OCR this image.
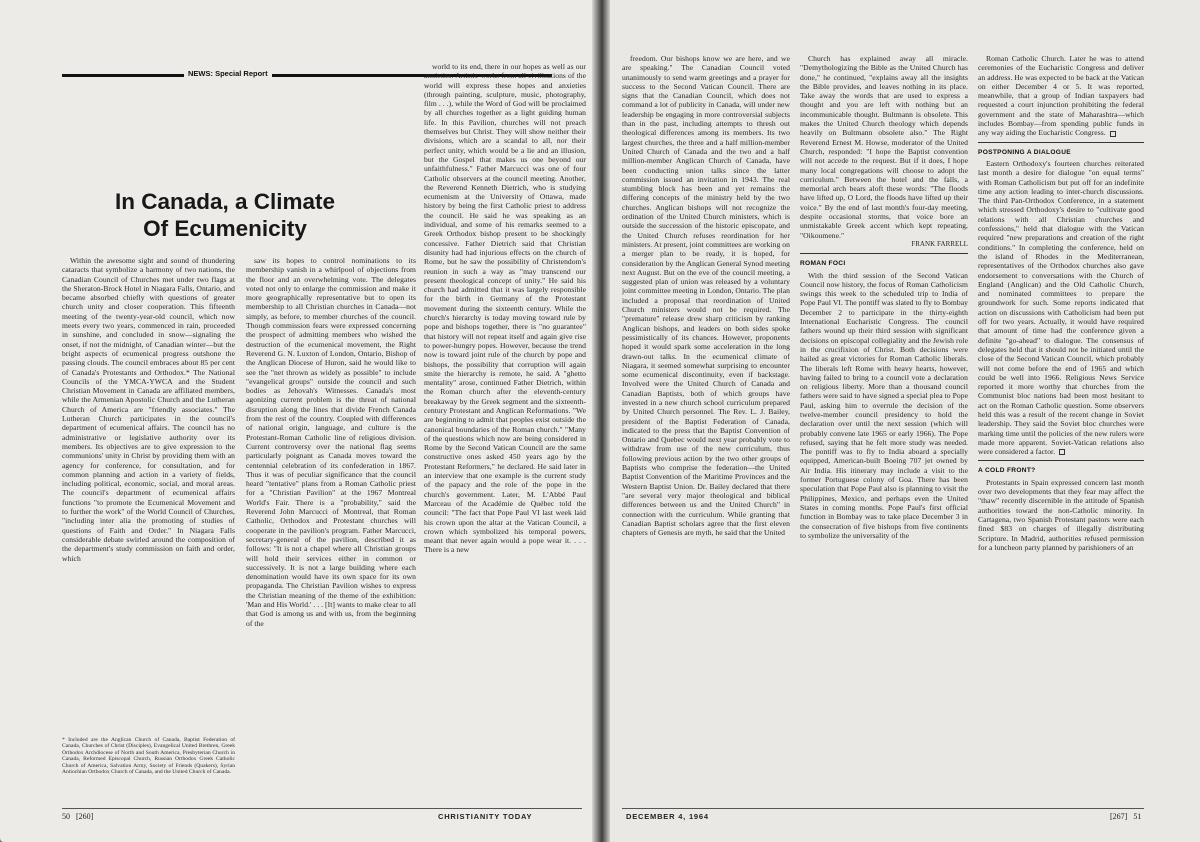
NEWS: Special Report
In Canada, a Climate
Of Ecumenicity

Within the awesome sight and sound of thundering cataracts that symbolize a harmony of two nations, the Canadian Council of Churches met under two flags at the Sheraton-Brock Hotel in Niagara Falls, Ontario, and became absorbed chiefly with questions of greater church unity and closer cooperation. This fifteenth meeting of the twenty-year-old council, which now meets every two years, commenced in rain, proceeded in sunshine, and concluded in snow—signaling the onset, if not the midnight, of Canadian winter—but the bright aspects of ecumenical progress outshone the passing clouds. The council embraces about 85 per cent of Canada's Protestants and Orthodox.* The National Councils of the YMCA-YWCA and the Student Christian Movement in Canada are affiliated members, while the Armenian Apostolic Church and the Lutheran Church of America are "friendly associates." The Lutheran Church participates in the council's department of ecumenical affairs. The council has no administrative or legislative authority over its members. Its objectives are to give expression to the communions' unity in Christ by providing them with an agency for conference, for consultation, and for common planning and action in a variety of fields, including political, economic, social, and moral areas. The council's department of ecumenical affairs functions "to promote the Ecumenical Movement and to further the work" of the World Council of Churches, "including inter alia the promoting of studies of questions of Faith and Order." In Niagara Falls considerable debate swirled around the composition of the department's study commission on faith and order, which

* Included are the Anglican Church of Canada, Baptist Federation of Canada, Churches of Christ (Disciples), Evangelical United Brethren, Greek Orthodox Archdiocese of North and South America, Presbyterian Church in Canada, Reformed Episcopal Church, Russian Orthodox Greek Catholic Church of America, Salvation Army, Society of Friends (Quakers), Syrian Antiochian Orthodox Church of Canada, and the United Church of Canada.

saw its hopes to control nominations to its membership vanish in a whirlpool of objections from the floor and an overwhelming vote. The delegates voted not only to enlarge the commission and make it more geographically representative but to open its membership to all Christian churches in Canada—not simply, as before, to member churches of the council. Though commission fears were expressed concerning the prospect of admitting members who wished the destruction of the ecumenical movement, the Right Reverend G. N. Luxton of London, Ontario, Bishop of the Anglican Diocese of Huron, said he would like to see the "net thrown as widely as possible" to include "evangelical groups" outside the council and such bodies as Jehovah's Witnesses. Canada's most agonizing current problem is the threat of national disruption along the lines that divide French Canada from the rest of the country. Coupled with differences of national origin, language, and culture is the Protestant-Roman Catholic line of religious division. Current controversy over the national flag seems particularly poignant as Canada moves toward the centennial celebration of its confederation in 1867. Thus it was of peculiar significance that the council heard "tentative" plans from a Roman Catholic priest for a "Christian Pavilion" at the 1967 Montreal World's Fair. There is a "probability," said the Reverend John Marcucci of Montreal, that Roman Catholic, Orthodox and Protestant churches will cooperate in the pavilion's program. Father Marcucci, secretary-general of the pavilion, described it as follows: "It is not a chapel where all Christian groups will hold their services either in common or successively. It is not a large building where each denomination would have its own space for its own propaganda. The Christian Pavilion wishes to express the Christian meaning of the theme of the exhibition: 'Man and His World.' . . . [It] wants to make clear to all that God is among us and with us, from the beginning of the

world to its end, there in our hopes as well as our anxieties. Artistic works from all civilizations of the world will express these hopes and anxieties (through painting, sculpture, music, photography, film . . .), while the Word of God will be proclaimed by all churches together as a light guiding human life. In this Pavilion, churches will not preach themselves but Christ. They will show neither their divisions, which are a scandal to all, nor their perfect unity, which would be a lie and an illusion, but the Gospel that makes us one beyond our unfaithfulness." Father Marcucci was one of four Catholic observers at the council meeting. Another, the Reverend Kenneth Dietrich, who is studying ecumenism at the University of Ottawa, made history by being the first Catholic priest to address the council. He said he was speaking as an individual, and some of his remarks seemed to a Greek Orthodox bishop present to be shockingly concessive. Father Dietrich said that Christian disunity had had injurious effects on the church of Rome, but he saw the possibility of Christendom's reunion in such a way as "may transcend our present theological concept of unity." He said his church had admitted that it was largely responsible for the birth in Germany of the Protestant movement during the sixteenth century. While the church's hierarchy is today moving toward rule by pope and bishops together, there is "no guarantee" that history will not repeat itself and again give rise to power-hungry popes. However, because the trend now is toward joint rule of the church by pope and bishops, the possibility that corruption will again smite the hierarchy is remote, he said. A "ghetto mentality" arose, continued Father Dietrich, within the Roman church after the eleventh-century breakaway by the Greek segment and the sixteenth-century Protestant and Anglican Reformations. "We are beginning to admit that peoples exist outside the canonical boundaries of the Roman church." "Many of the questions which now are being considered in Rome by the Second Vatican Council are the same constructive ones asked 450 years ago by the Protestant Reformers," he declared. He said later in an interview that one example is the current study of the papacy and the role of the pope in the church's government. Later, M. L'Abbé Paul Marceau of the Académie de Québec told the council: "The fact that Pope Paul VI last week laid his crown upon the altar at the Vatican Council, a crown which symbolized his temporal powers, meant that never again would a pope wear it. . . . There is a new

50 [260]	CHRISTIANITY TODAY

freedom. Our bishops know we are here, and we are speaking." The Canadian Council voted unanimously to send warm greetings and a prayer for success to the Second Vatican Council. There are signs that the Canadian Council, which does not command a lot of publicity in Canada, will under new leadership be engaging in more controversial subjects than in the past, including attempts to thresh out theological differences among its members. Its two largest churches, the three and a half million-member United Church of Canada and the two and a half million-member Anglican Church of Canada, have been conducting union talks since the latter commission issued an invitation in 1943. The real stumbling block has been and yet remains the differing concepts of the ministry held by the two churches. Anglican bishops will not recognize the ordination of the United Church ministers, which is outside the succession of the historic episcopate, and the United Church refuses reordination for her ministers. At present, joint committees are working on a merger plan to be ready, it is hoped, for consideration by the Anglican General Synod meeting next August. But on the eve of the council meeting, a suggested plan of union was released by a voluntary joint committee meeting in London, Ontario. The plan included a proposal that reordination of United Church ministers would not be required. The "premature" release drew sharp criticism by ranking Anglican bishops, and leaders on both sides spoke pessimistically of its chances. However, proponents hoped it would spark some acceleration in the long drawn-out talks. In the ecumenical climate of Niagara, it seemed somewhat surprising to encounter some ecumenical discontinuity, even if backstage. Involved were the United Church of Canada and Canadian Baptists, both of which groups have invested in a new church school curriculum prepared by United Church personnel. The Rev. L. J. Bailey, president of the Baptist Federation of Canada, indicated to the press that the Baptist Convention of Ontario and Quebec would next year probably vote to withdraw from use of the new curriculum, thus following previous action by the two other groups of Baptists who comprise the federation—the United Baptist Convention of the Maritime Provinces and the Western Baptist Union. Dr. Bailey declared that there "are several very major theological and biblical differences between us and the United Church" in connection with the curriculum. While granting that Canadian Baptist scholars agree that the first eleven chapters of Genesis are myth, he said that the United

Church has explained away all miracle. "Demythologizing the Bible as the United Church has done," he continued, "explains away all the insights the Bible provides, and leaves nothing in its place. Take away the words that are used to express a thought and you are left with nothing but an incommunicable thought. Bultmann is obsolete. This makes the United Church theology which depends heavily on Bultmann obsolete also." The Right Reverend Ernest M. Howse, moderator of the United Church, responded: "I hope the Baptist convention will not accede to the request. But if it does, I hope many local congregations will choose to adopt the curriculum." Between the hotel and the falls, a memorial arch bears aloft these words: "The floods have lifted up, O Lord, the floods have lifted up their voice." By the end of last month's four-day meeting, despite occasional storms, that voice bore an unmistakable Greek accent which kept repeating, "Oikoumene."

FRANK FARRELL
ROMAN FOCI

With the third session of the Second Vatican Council now history, the focus of Roman Catholicism swings this week to the scheduled trip to India of Pope Paul VI. The pontiff was slated to fly to Bombay December 2 to participate in the thirty-eighth International Eucharistic Congress. The council fathers wound up their third session with significant decisions on episcopal collegiality and the Jewish role in the crucifixion of Christ. Both decisions were hailed as great victories for Roman Catholic liberals. The liberals left Rome with heavy hearts, however, having failed to bring to a council vote a declaration on religious liberty. More than a thousand council fathers were said to have signed a special plea to Pope Paul, asking him to overrule the decision of the twelve-member council presidency to hold the declaration over until the next session (which will probably convene late 1965 or early 1966). The Pope refused, saying that he felt more study was needed. The pontiff was to fly to India aboard a specially equipped, American-built Boeing 707 jet owned by Air India. His itinerary may include a visit to the former Portuguese colony of Goa. There has been speculation that Pope Paul also is planning to visit the Philippines, Mexico, and perhaps even the United States in coming months. Pope Paul's first official function in Bombay was to take place December 3 in the consecration of five bishops from five continents to symbolize the universality of the

Roman Catholic Church. Later he was to attend ceremonies of the Eucharistic Congress and deliver an address. He was expected to be back at the Vatican on either December 4 or 5. It was reported, meanwhile, that a group of Indian taxpayers had requested a court injunction prohibiting the federal government and the state of Maharashtra—which includes Bombay—from spending public funds in any way aiding the Eucharistic Congress.

POSTPONING A DIALOGUE

Eastern Orthodoxy's fourteen churches reiterated last month a desire for dialogue "on equal terms" with Roman Catholicism but put off for an indefinite time any action leading to inter-church discussions. The third Pan-Orthodox Conference, in a statement which stressed Orthodoxy's desire to "cultivate good relations with all Christian churches and confessions," held that dialogue with the Vatican required "new preparations and creation of the right conditions." In completing the conference, held on the island of Rhodes in the Mediterranean, representatives of the Orthodox churches also gave endorsement to conversations with the Church of England (Anglican) and the Old Catholic Church, and nominated committees to prepare the groundwork for such. Some reports indicated that action on discussions with Catholicism had been put off for two years. Actually, it would have required that amount of time had the conference given a definite "go-ahead" to dialogue. The consensus of delegates held that it should not be initiated until the close of the Second Vatican Council, which probably will not come before the end of 1965 and which could be well into 1966. Religious News Service reported it more worthy that churches from the Communist bloc nations had been most hesitant to act on the Roman Catholic question. Some observers held this was a result of the recent change in Soviet leadership. They said the Soviet bloc churches were marking time until the policies of the new rulers were made more apparent. Soviet-Vatican relations also were considered a factor.

A COLD FRONT?

Protestants in Spain expressed concern last month over two developments that they fear may affect the "thaw" recently discernible in the attitude of Spanish authorities toward the non-Catholic minority. In Cartagena, two Spanish Protestant pastors were each fined $83 on charges of illegally distributing Scripture. In Madrid, authorities refused permission for a luncheon party planned by parishioners of an

DECEMBER 4, 1964	[267] 51
